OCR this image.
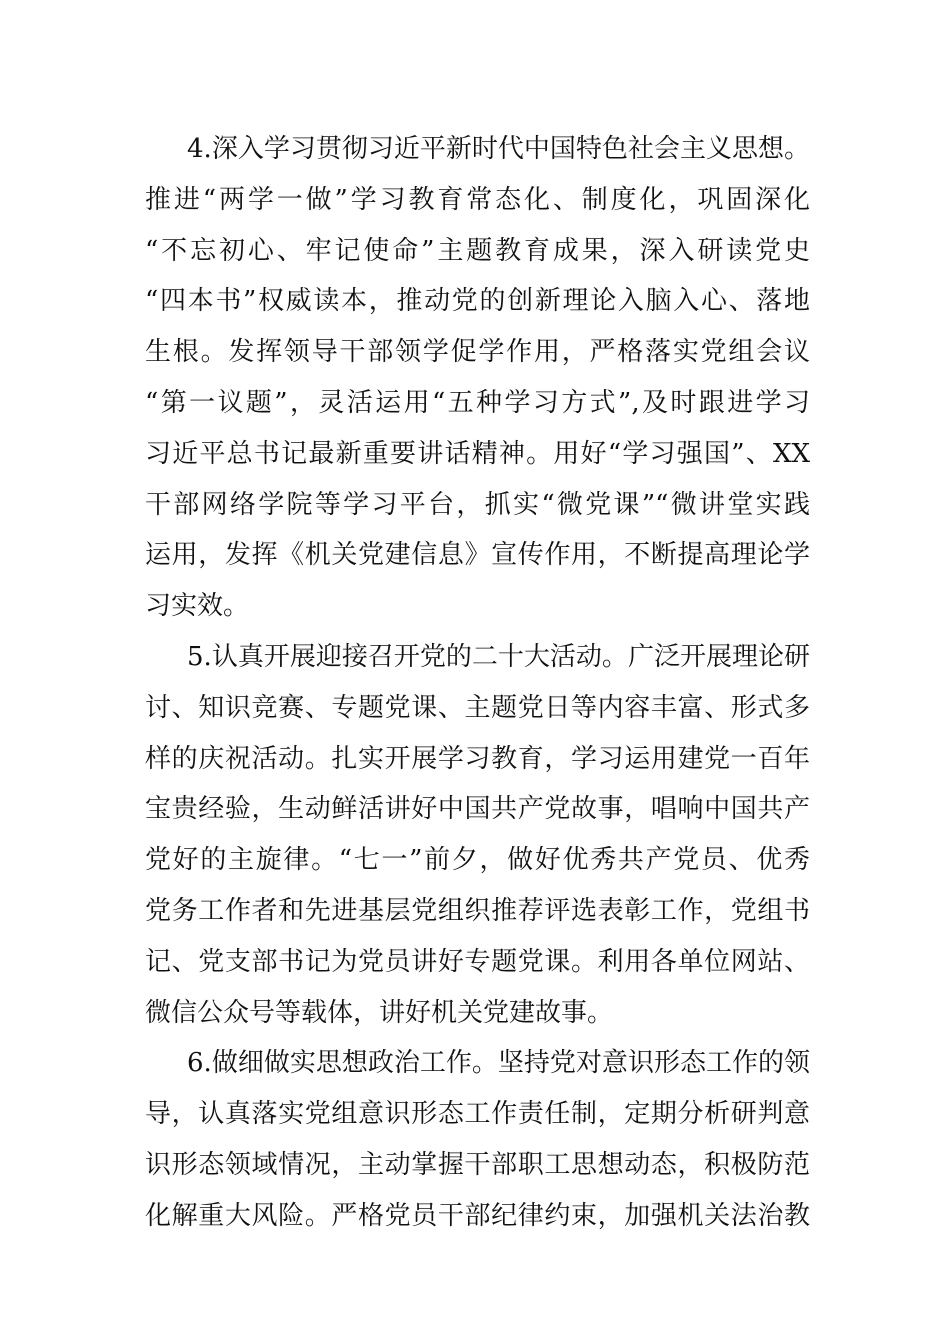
4.深入学习贯彻习近平新时代中国特色社会主义思想。
推进“两学一做”学习教育常态化、制度化，巩固深化
“不忘初心、牢记使命”主题教育成果，深入研读党史
“四本书”权威读本，推动党的创新理论入脑入心、落地
生根。发挥领导干部领学促学作用，严格落实党组会议
“第一议题”，灵活运用“五种学习方式”,及时跟进学习
习近平总书记最新重要讲话精神。用好“学习强国”、XX
干部网络学院等学习平台，抓实“微党课”“微讲堂实践
运用，发挥《机关党建信息》宣传作用，不断提高理论学
习实效。
5.认真开展迎接召开党的二十大活动。广泛开展理论研
讨、知识竞赛、专题党课、主题党日等内容丰富、形式多
样的庆祝活动。扎实开展学习教育，学习运用建党一百年
宝贵经验，生动鲜活讲好中国共产党故事，唱响中国共产
党好的主旋律。“七一”前夕，做好优秀共产党员、优秀
党务工作者和先进基层党组织推荐评选表彰工作，党组书
记、党支部书记为党员讲好专题党课。利用各单位网站、
微信公众号等载体，讲好机关党建故事。
6.做细做实思想政治工作。坚持党对意识形态工作的领
导，认真落实党组意识形态工作责任制，定期分析研判意
识形态领域情况，主动掌握干部职工思想动态，积极防范
化解重大风险。严格党员干部纪律约束，加强机关法治教
